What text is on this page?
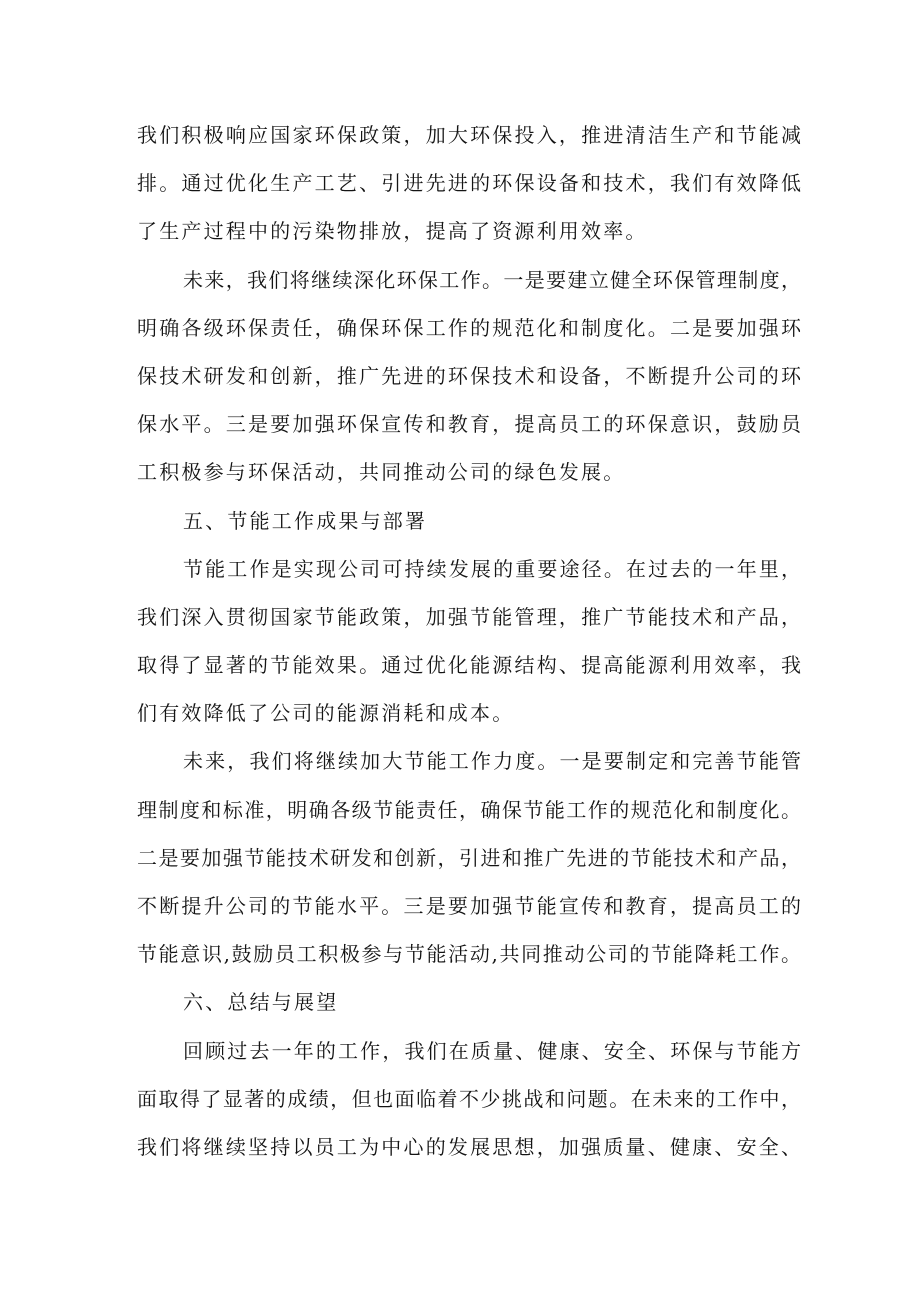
我们积极响应国家环保政策，加大环保投入，推进清洁生产和节能减
排。通过优化生产工艺、引进先进的环保设备和技术，我们有效降低
了生产过程中的污染物排放，提高了资源利用效率。
未来，我们将继续深化环保工作。一是要建立健全环保管理制度，
明确各级环保责任，确保环保工作的规范化和制度化。二是要加强环
保技术研发和创新，推广先进的环保技术和设备，不断提升公司的环
保水平。三是要加强环保宣传和教育，提高员工的环保意识，鼓励员
工积极参与环保活动，共同推动公司的绿色发展。
五、节能工作成果与部署
节能工作是实现公司可持续发展的重要途径。在过去的一年里，
我们深入贯彻国家节能政策，加强节能管理，推广节能技术和产品，
取得了显著的节能效果。通过优化能源结构、提高能源利用效率，我
们有效降低了公司的能源消耗和成本。
未来，我们将继续加大节能工作力度。一是要制定和完善节能管
理制度和标准，明确各级节能责任，确保节能工作的规范化和制度化。
二是要加强节能技术研发和创新，引进和推广先进的节能技术和产品，
不断提升公司的节能水平。三是要加强节能宣传和教育，提高员工的
节能意识,鼓励员工积极参与节能活动,共同推动公司的节能降耗工作。
六、总结与展望
回顾过去一年的工作，我们在质量、健康、安全、环保与节能方
面取得了显著的成绩，但也面临着不少挑战和问题。在未来的工作中，
我们将继续坚持以员工为中心的发展思想，加强质量、健康、安全、
